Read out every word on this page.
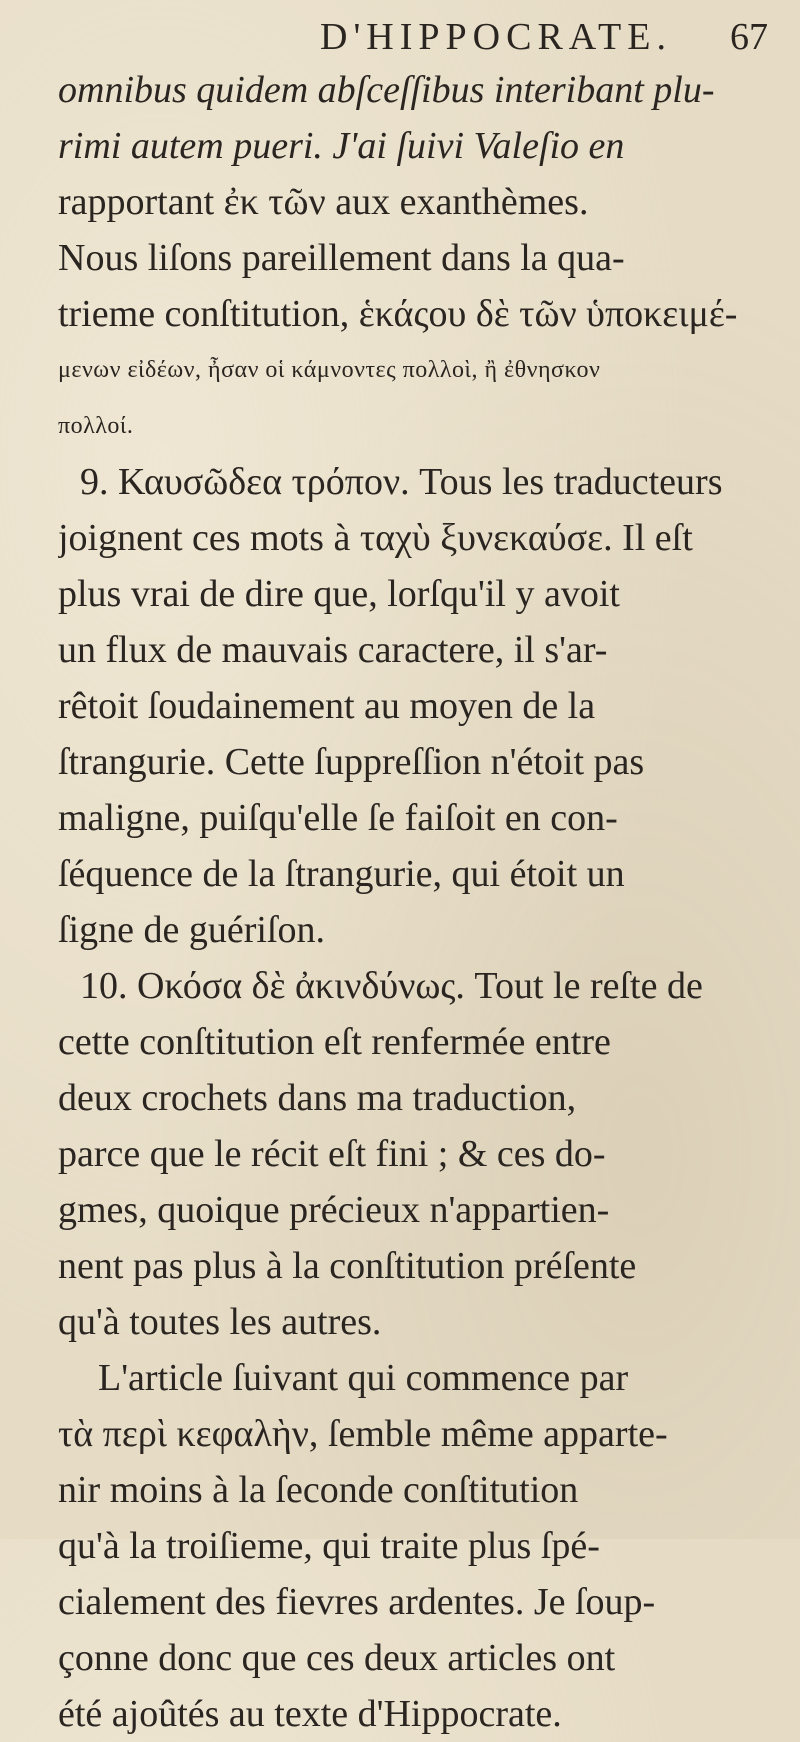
D'HIPPOCRATE. 67
omnibus quidem abſceſſibus interibant plu-
rimi autem pueri. J'ai ſuivi Valeſio en
rapportant ἐκ τῶν aux exanthèmes.
Nous liſons pareillement dans la qua-
trieme conſtitution, ἑκάςου δὲ τῶν ὑποκειμέ-
μενων εἰδέων, ἦσαν οἱ κάμνοντες πολλοὶ, ἢ ἐθνησκον
πολλοί.
9. Καυσῶδεα τρόπον. Tous les traducteurs
joignent ces mots à ταχὺ ξυνεκαύσε. Il eſt
plus vrai de dire que, lorſqu'il y avoit
un flux de mauvais caractere, il s'ar-
rêtoit ſoudainement au moyen de la
ſtrangurie. Cette ſuppreſſion n'étoit pas
maligne, puiſqu'elle ſe faiſoit en con-
ſéquence de la ſtrangurie, qui étoit un
ſigne de guériſon.
10. Οκόσα δὲ ἀκινδύνως. Tout le reſte de
cette conſtitution eſt renfermée entre
deux crochets dans ma traduction,
parce que le récit eſt fini ; & ces do-
gmes, quoique précieux n'appartien-
nent pas plus à la conſtitution préſente
qu'à toutes les autres.
L'article ſuivant qui commence par
τὰ περὶ κεφαλὴν, ſemble même apparte-
nir moins à la ſeconde conſtitution
qu'à la troiſieme, qui traite plus ſpé-
cialement des fievres ardentes. Je ſoup-
çonne donc que ces deux articles ont
été ajoûtés au texte d'Hippocrate.
